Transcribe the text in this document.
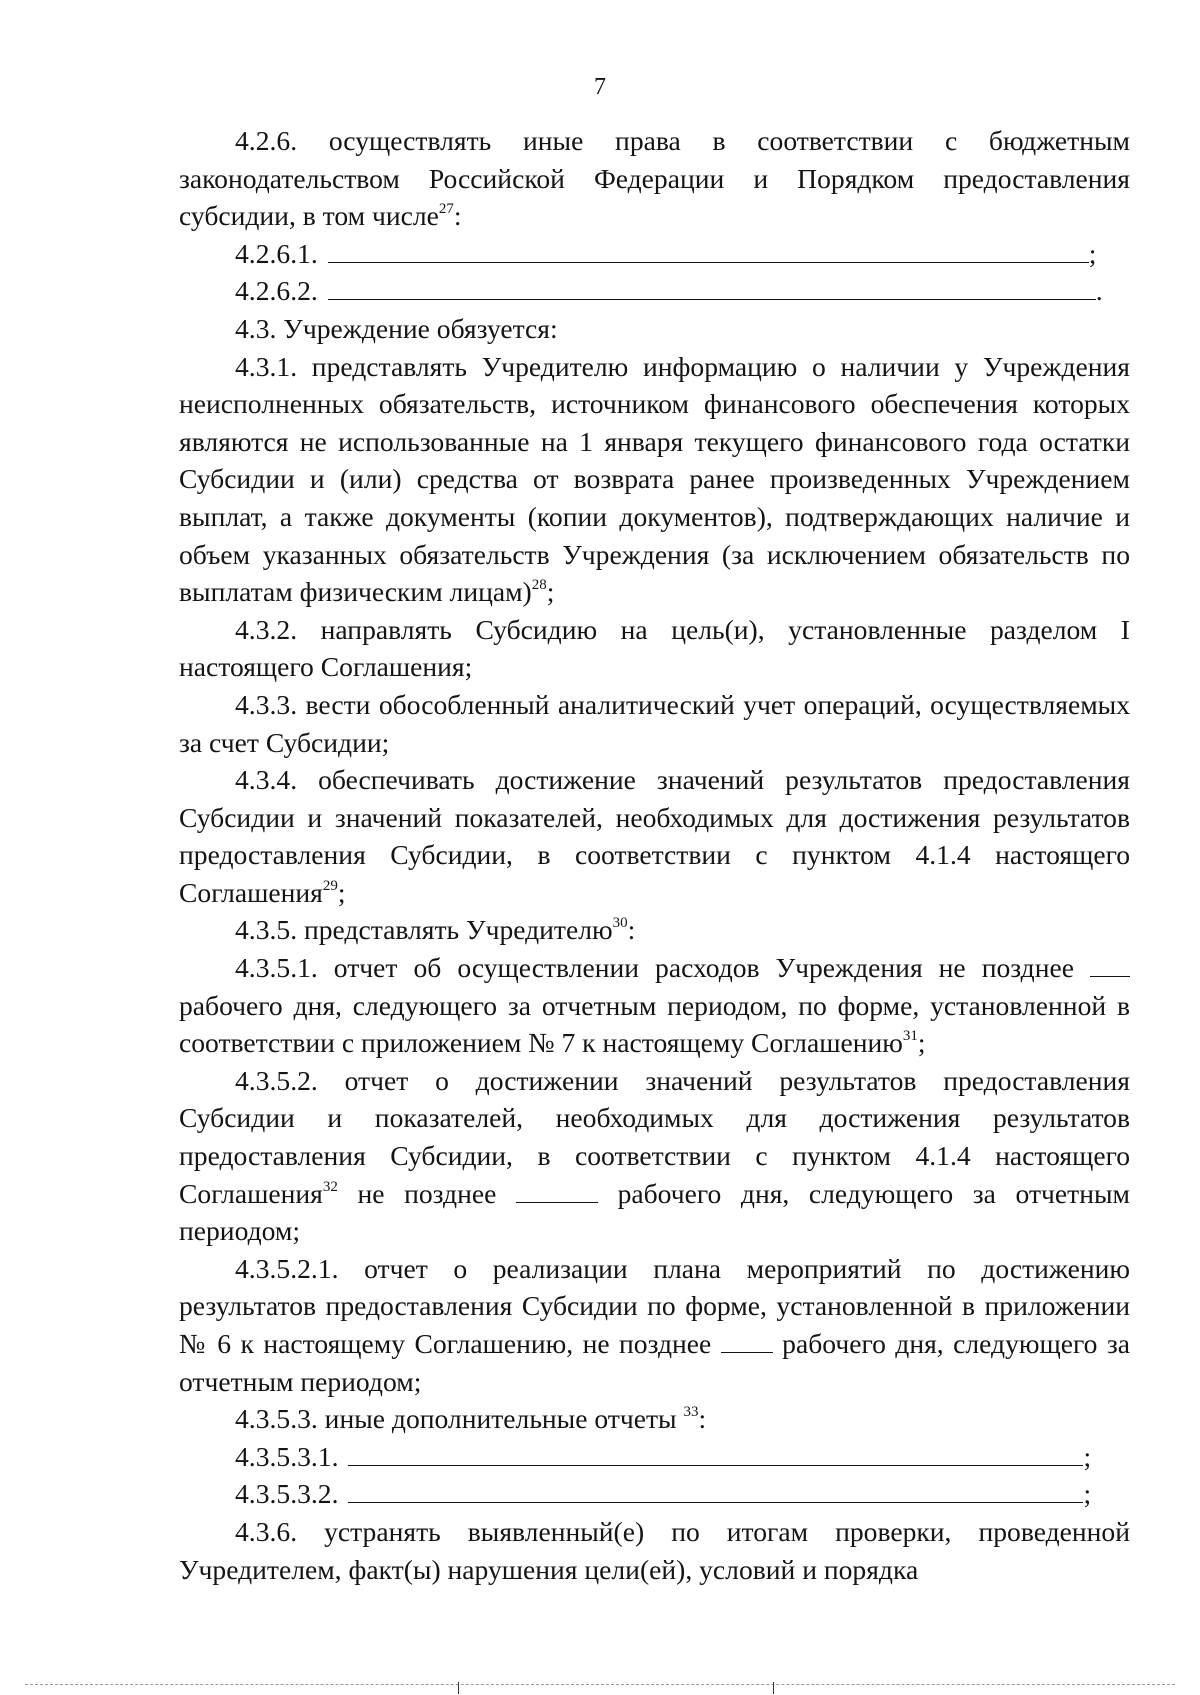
7

4.2.6. осуществлять иные права в соответствии с бюджетным законодательством Российской Федерации и Порядком предоставления субсидии, в том числе$^{27}$:

4.2.6.1.	;
4.2.6.2.	.

4.3. Учреждение обязуется:

4.3.1. представлять Учредителю информацию о наличии у Учреждения неисполненных обязательств, источником финансового обеспечения которых являются не использованные на 1 января текущего финансового года остатки Субсидии и (или) средства от возврата ранее произведенных Учреждением выплат, а также документы (копии документов), подтверждающих наличие и объем указанных обязательств Учреждения (за исключением обязательств по выплатам физическим лицам)$^{28}$;

4.3.2. направлять Субсидию на цель(и), установленные разделом I настоящего Соглашения;

4.3.3. вести обособленный аналитический учет операций, осуществляемых за счет Субсидии;

4.3.4. обеспечивать достижение значений результатов предоставления Субсидии и значений показателей, необходимых для достижения результатов предоставления Субсидии, в соответствии с пунктом 4.1.4 настоящего Соглашения$^{29}$;

4.3.5. представлять Учредителю$^{30}$:

4.3.5.1. отчет об осуществлении расходов Учреждения не позднее  рабочего дня, следующего за отчетным периодом, по форме, установленной в соответствии с приложением № 7 к настоящему Соглашению$^{31}$;

4.3.5.2. отчет о достижении значений результатов предоставления Субсидии и показателей, необходимых для достижения результатов предоставления Субсидии, в соответствии с пунктом 4.1.4 настоящего Соглашения$^{32}$ не позднее	рабочего дня, следующего за отчетным периодом;

4.3.5.2.1. отчет о реализации плана мероприятий по достижению результатов предоставления Субсидии по форме, установленной в приложении № 6 к настоящему Соглашению, не позднее	рабочего дня, следующего за отчетным периодом;

4.3.5.3. иные дополнительные отчеты $^{33}$:

4.3.5.3.1.	;
4.3.5.3.2.	;

4.3.6. устранять выявленный(е) по итогам проверки, проведенной Учредителем, факт(ы) нарушения цели(ей), условий и порядка
